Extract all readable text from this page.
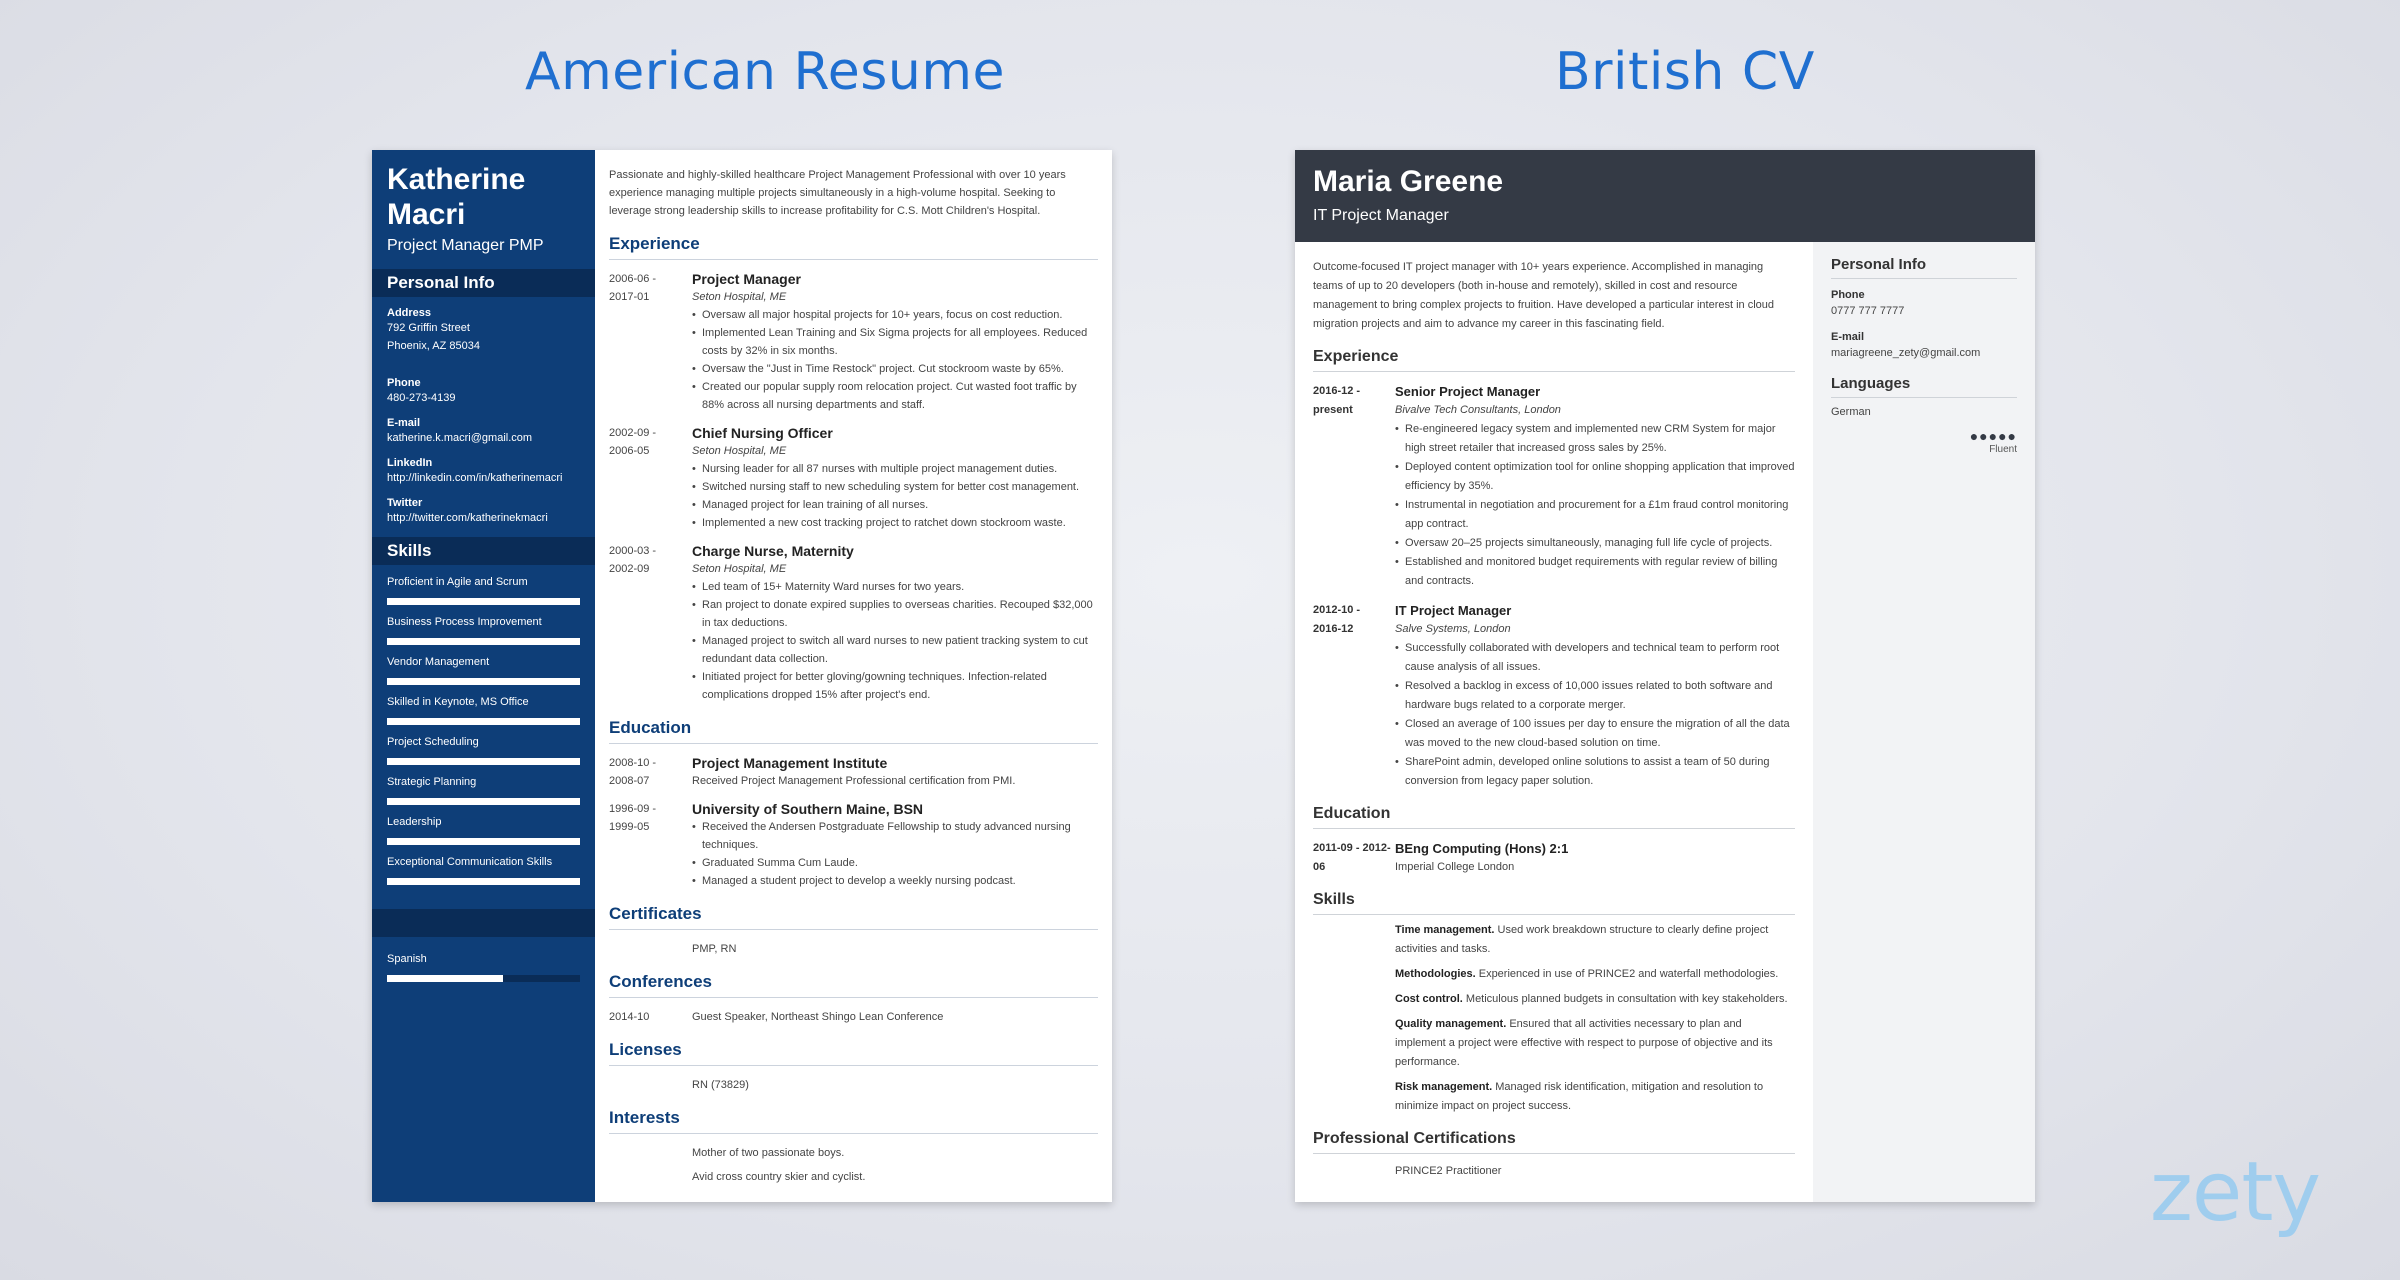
American Resume	British CV
Katherine Macri
Project Manager PMP
Personal Info
Address
792 Griffin Street
Phoenix, AZ 85034
Phone
480-273-4139
E-mail
katherine.k.macri@gmail.com
LinkedIn
http://linkedin.com/in/katherinemacri
Twitter
http://twitter.com/katherinekmacri
Skills
Proficient in Agile and Scrum
Business Process Improvement
Vendor Management
Skilled in Keynote, MS Office
Project Scheduling
Strategic Planning
Leadership
Exceptional Communication Skills
Spanish
Passionate and highly-skilled healthcare Project Management Professional with over 10 years experience managing multiple projects simultaneously in a high-volume hospital. Seeking to leverage strong leadership skills to increase profitability for C.S. Mott Children's Hospital.
Experience
2006-06 -
2017-01
Project Manager
Seton Hospital, ME
• Oversaw all major hospital projects for 10+ years, focus on cost reduction.
• Implemented Lean Training and Six Sigma projects for all employees. Reduced costs by 32% in six months.
• Oversaw the "Just in Time Restock" project. Cut stockroom waste by 65%.
• Created our popular supply room relocation project. Cut wasted foot traffic by 88% across all nursing departments and staff.
2002-09 -
2006-05
Chief Nursing Officer
Seton Hospital, ME
• Nursing leader for all 87 nurses with multiple project management duties.
• Switched nursing staff to new scheduling system for better cost management.
• Managed project for lean training of all nurses.
• Implemented a new cost tracking project to ratchet down stockroom waste.
2000-03 -
2002-09
Charge Nurse, Maternity
Seton Hospital, ME
• Led team of 15+ Maternity Ward nurses for two years.
• Ran project to donate expired supplies to overseas charities. Recouped $32,000 in tax deductions.
• Managed project to switch all ward nurses to new patient tracking system to cut redundant data collection.
• Initiated project for better gloving/gowning techniques. Infection-related complications dropped 15% after project's end.
Education
2008-10 -
2008-07
Project Management Institute
Received Project Management Professional certification from PMI.
1996-09 -
1999-05
University of Southern Maine, BSN
• Received the Andersen Postgraduate Fellowship to study advanced nursing techniques.
• Graduated Summa Cum Laude.
• Managed a student project to develop a weekly nursing podcast.
Certificates
PMP, RN
Conferences
2014-10	Guest Speaker, Northeast Shingo Lean Conference
Licenses
RN (73829)
Interests
Mother of two passionate boys.
Avid cross country skier and cyclist.
Maria Greene
IT Project Manager
Outcome-focused IT project manager with 10+ years experience. Accomplished in managing teams of up to 20 developers (both in-house and remotely), skilled in cost and resource management to bring complex projects to fruition. Have developed a particular interest in cloud migration projects and aim to advance my career in this fascinating field.
Experience
2016-12 -
present
Senior Project Manager
Bivalve Tech Consultants, London
• Re-engineered legacy system and implemented new CRM System for major high street retailer that increased gross sales by 25%.
• Deployed content optimization tool for online shopping application that improved efficiency by 35%.
• Instrumental in negotiation and procurement for a £1m fraud control monitoring app contract.
• Oversaw 20–25 projects simultaneously, managing full life cycle of projects.
• Established and monitored budget requirements with regular review of billing and contracts.
2012-10 -
2016-12
IT Project Manager
Salve Systems, London
• Successfully collaborated with developers and technical team to perform root cause analysis of all issues.
• Resolved a backlog in excess of 10,000 issues related to both software and hardware bugs related to a corporate merger.
• Closed an average of 100 issues per day to ensure the migration of all the data was moved to the new cloud-based solution on time.
• SharePoint admin, developed online solutions to assist a team of 50 during conversion from legacy paper solution.
Education
2011-09 - 2012-06
BEng Computing (Hons) 2:1
Imperial College London
Skills
Time management. Used work breakdown structure to clearly define project activities and tasks.
Methodologies. Experienced in use of PRINCE2 and waterfall methodologies.
Cost control. Meticulous planned budgets in consultation with key stakeholders.
Quality management. Ensured that all activities necessary to plan and implement a project were effective with respect to purpose of objective and its performance.
Risk management. Managed risk identification, mitigation and resolution to minimize impact on project success.
Professional Certifications
PRINCE2 Practitioner
Personal Info
Phone
0777 777 7777
E-mail
mariagreene_zety@gmail.com
Languages
German
●●●●●
Fluent
zety
